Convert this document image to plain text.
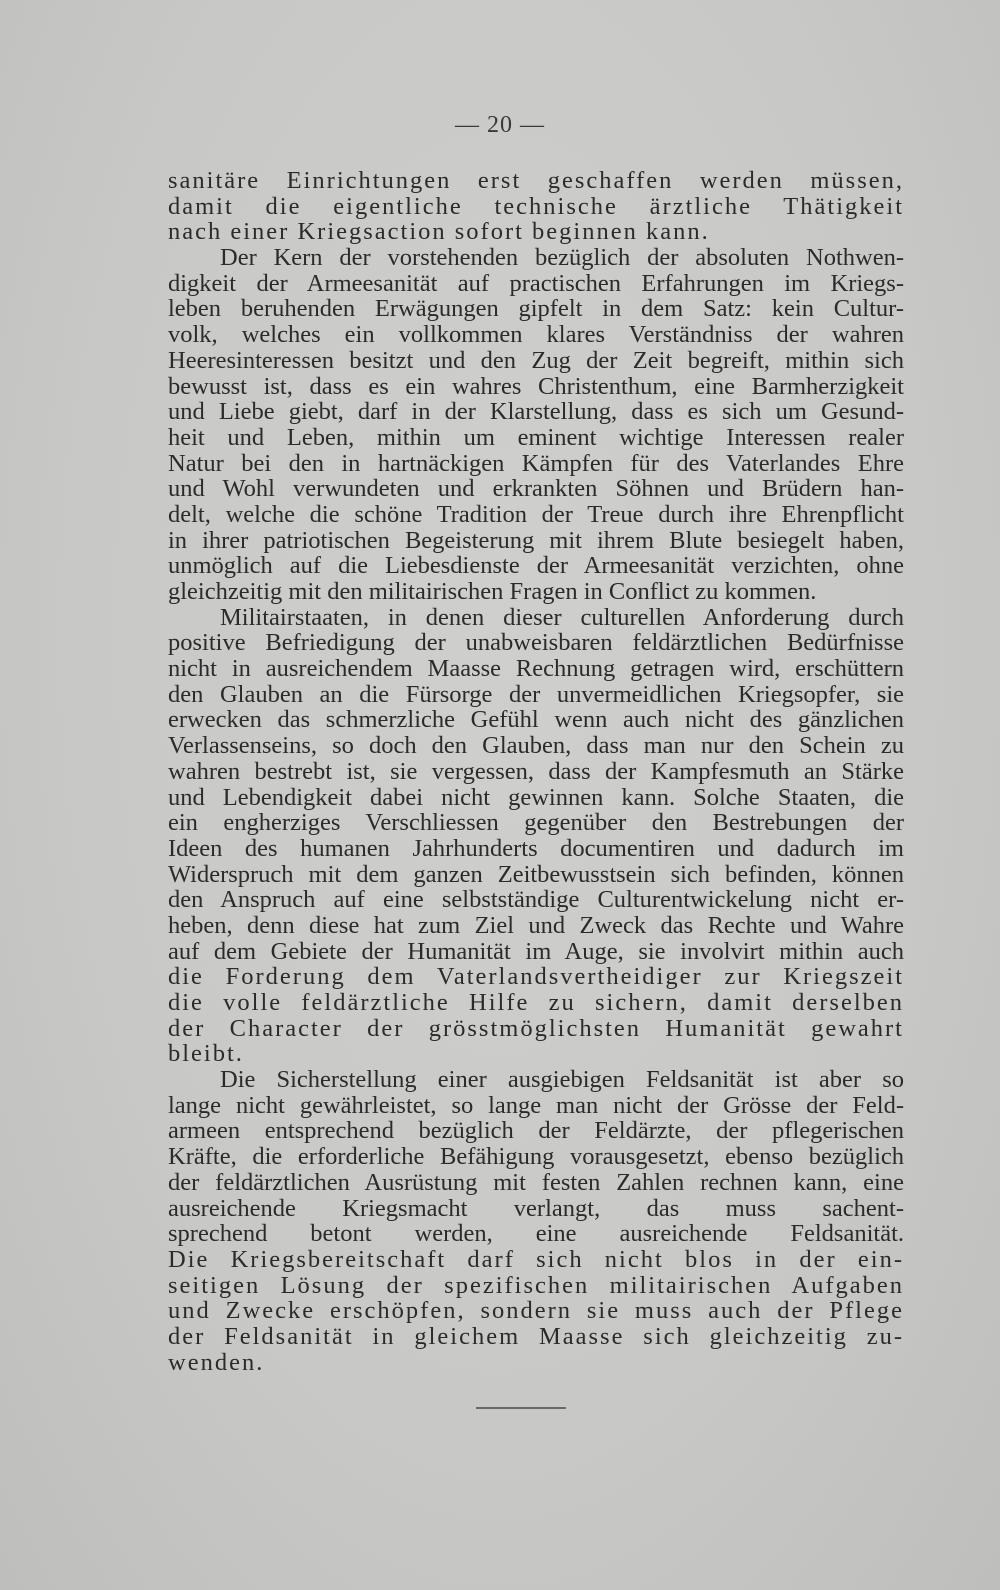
— 20 —
sanitäre Einrichtungen erst geschaffen werden müssen,
damit die eigentliche technische ärztliche Thätigkeit
nach einer Kriegsaction sofort beginnen kann.
Der Kern der vorstehenden bezüglich der absoluten Nothwen-
digkeit der Armeesanität auf practischen Erfahrungen im Kriegs-
leben beruhenden Erwägungen gipfelt in dem Satz: kein Cultur-
volk, welches ein vollkommen klares Verständniss der wahren
Heeresinteressen besitzt und den Zug der Zeit begreift, mithin sich
bewusst ist, dass es ein wahres Christenthum, eine Barmherzigkeit
und Liebe giebt, darf in der Klarstellung, dass es sich um Gesund-
heit und Leben, mithin um eminent wichtige Interessen realer
Natur bei den in hartnäckigen Kämpfen für des Vaterlandes Ehre
und Wohl verwundeten und erkrankten Söhnen und Brüdern han-
delt, welche die schöne Tradition der Treue durch ihre Ehrenpflicht
in ihrer patriotischen Begeisterung mit ihrem Blute besiegelt haben,
unmöglich auf die Liebesdienste der Armeesanität verzichten, ohne
gleichzeitig mit den militairischen Fragen in Conflict zu kommen.
Militairstaaten, in denen dieser culturellen Anforderung durch
positive Befriedigung der unabweisbaren feldärztlichen Bedürfnisse
nicht in ausreichendem Maasse Rechnung getragen wird, erschüttern
den Glauben an die Fürsorge der unvermeidlichen Kriegsopfer, sie
erwecken das schmerzliche Gefühl wenn auch nicht des gänzlichen
Verlassenseins, so doch den Glauben, dass man nur den Schein zu
wahren bestrebt ist, sie vergessen, dass der Kampfesmuth an Stärke
und Lebendigkeit dabei nicht gewinnen kann. Solche Staaten, die
ein engherziges Verschliessen gegenüber den Bestrebungen der
Ideen des humanen Jahrhunderts documentiren und dadurch im
Widerspruch mit dem ganzen Zeitbewusstsein sich befinden, können
den Anspruch auf eine selbstständige Culturentwickelung nicht er-
heben, denn diese hat zum Ziel und Zweck das Rechte und Wahre
auf dem Gebiete der Humanität im Auge, sie involvirt mithin auch
die Forderung dem Vaterlandsvertheidiger zur Kriegszeit
die volle feldärztliche Hilfe zu sichern, damit derselben
der Character der grösstmöglichsten Humanität gewahrt
bleibt.
Die Sicherstellung einer ausgiebigen Feldsanität ist aber so
lange nicht gewährleistet, so lange man nicht der Grösse der Feld-
armeen entsprechend bezüglich der Feldärzte, der pflegerischen
Kräfte, die erforderliche Befähigung vorausgesetzt, ebenso bezüglich
der feldärztlichen Ausrüstung mit festen Zahlen rechnen kann, eine
ausreichende Kriegsmacht verlangt, das muss sachent-
sprechend betont werden, eine ausreichende Feldsanität.
Die Kriegsbereitschaft darf sich nicht blos in der ein-
seitigen Lösung der spezifischen militairischen Aufgaben
und Zwecke erschöpfen, sondern sie muss auch der Pflege
der Feldsanität in gleichem Maasse sich gleichzeitig zu-
wenden.
